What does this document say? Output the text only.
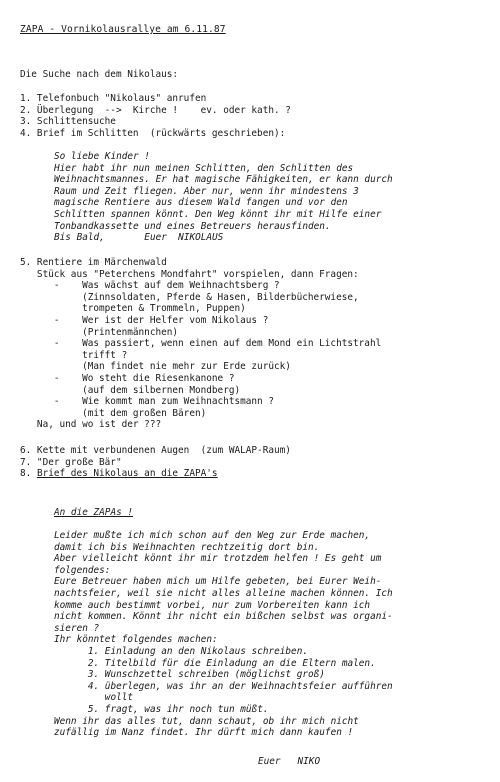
ZAPA - Vornikolausrallye am 6.11.87
Die Suche nach dem Nikolaus:
1. Telefonbuch "Nikolaus" anrufen
2. Überlegung  -->  Kirche !    ev. oder kath. ?
3. Schlittensuche
4. Brief im Schlitten  (rückwärts geschrieben):
So liebe Kinder !
Hier habt ihr nun meinen Schlitten, den Schlitten des
Weihnachtsmannes. Er hat magische Fähigkeiten, er kann durch
Raum und Zeit fliegen. Aber nur, wenn ihr mindestens 3
magische Rentiere aus diesem Wald fangen und vor den
Schlitten spannen könnt. Den Weg könnt ihr mit Hilfe einer
Tonbandkassette und eines Betreuers herausfinden.
Bis Bald,       Euer  NIKOLAUS
5. Rentiere im Märchenwald
Stück aus "Peterchens Mondfahrt" vorspielen, dann Fragen:
-    Was wächst auf dem Weihnachtsberg ?
(Zinnsoldaten, Pferde & Hasen, Bilderbücherwiese,
trompeten & Trommeln, Puppen)
-    Wer ist der Helfer vom Nikolaus ?
(Printenmännchen)
-    Was passiert, wenn einen auf dem Mond ein Lichtstrahl
trifft ?
(Man findet nie mehr zur Erde zurück)
-    Wo steht die Riesenkanone ?
(auf dem silbernen Mondberg)
-    Wie kommt man zum Weihnachtsmann ?
(mit dem großen Bären)
Na, und wo ist der ???
6. Kette mit verbundenen Augen  (zum WALAP-Raum)
7. "Der große Bär"
8. Brief des Nikolaus an die ZAPA's
An die ZAPAs !
Leider mußte ich mich schon auf den Weg zur Erde machen,
damit ich bis Weihnachten rechtzeitig dort bin.
Aber vielleicht könnt ihr mir trotzdem helfen ! Es geht um
folgendes:
Eure Betreuer haben mich um Hilfe gebeten, bei Eurer Weih-
nachtsfeier, weil sie nicht alles alleine machen können. Ich
komme auch bestimmt vorbei, nur zum Vorbereiten kann ich
nicht kommen. Könnt ihr nicht ein bißchen selbst was organi-
sieren ?
Ihr könntet folgendes machen:
1. Einladung an den Nikolaus schreiben.
2. Titelbild für die Einladung an die Eltern malen.
3. Wunschzettel schreiben (möglichst groß)
4. überlegen, was ihr an der Weihnachtsfeier aufführen
wollt
5. fragt, was ihr noch tun müßt.
Wenn ihr das alles tut, dann schaut, ob ihr mich nicht
zufällig im Nanz findet. Ihr dürft mich dann kaufen !
Euer   NIKO
